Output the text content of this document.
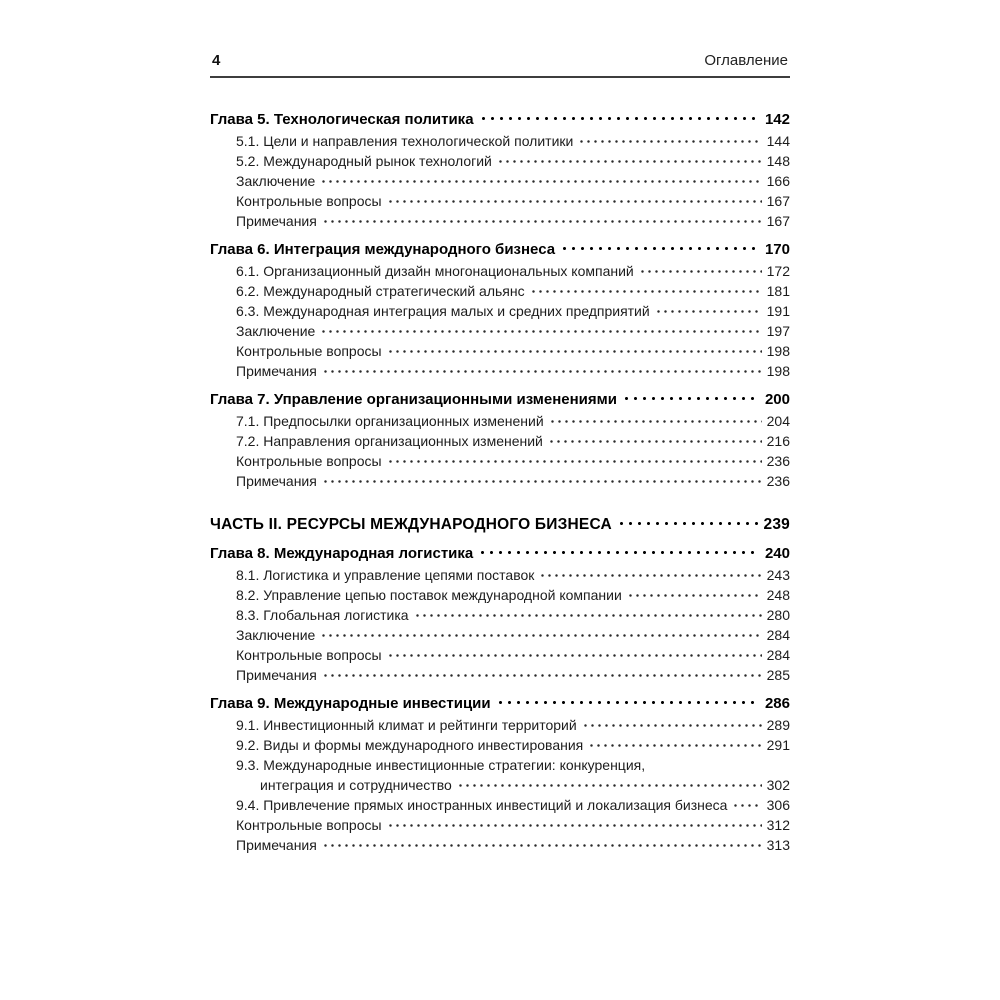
4	Оглавление
Глава 5. Технологическая политика	142
5.1. Цели и направления технологической политики	144
5.2. Международный рынок технологий	148
Заключение	166
Контрольные вопросы	167
Примечания	167
Глава 6. Интеграция международного бизнеса	170
6.1. Организационный дизайн многонациональных компаний	172
6.2. Международный стратегический альянс	181
6.3. Международная интеграция малых и средних предприятий	191
Заключение	197
Контрольные вопросы	198
Примечания	198
Глава 7. Управление организационными изменениями	200
7.1. Предпосылки организационных изменений	204
7.2. Направления организационных изменений	216
Контрольные вопросы	236
Примечания	236
ЧАСТЬ II. РЕСУРСЫ МЕЖДУНАРОДНОГО БИЗНЕСА	239
Глава 8. Международная логистика	240
8.1. Логистика и управление цепями поставок	243
8.2. Управление цепью поставок международной компании	248
8.3. Глобальная логистика	280
Заключение	284
Контрольные вопросы	284
Примечания	285
Глава 9. Международные инвестиции	286
9.1. Инвестиционный климат и рейтинги территорий	289
9.2. Виды и формы международного инвестирования	291
9.3. Международные инвестиционные стратегии: конкуренция,
интеграция и сотрудничество	302
9.4. Привлечение прямых иностранных инвестиций и локализация бизнеса	306
Контрольные вопросы	312
Примечания	313
